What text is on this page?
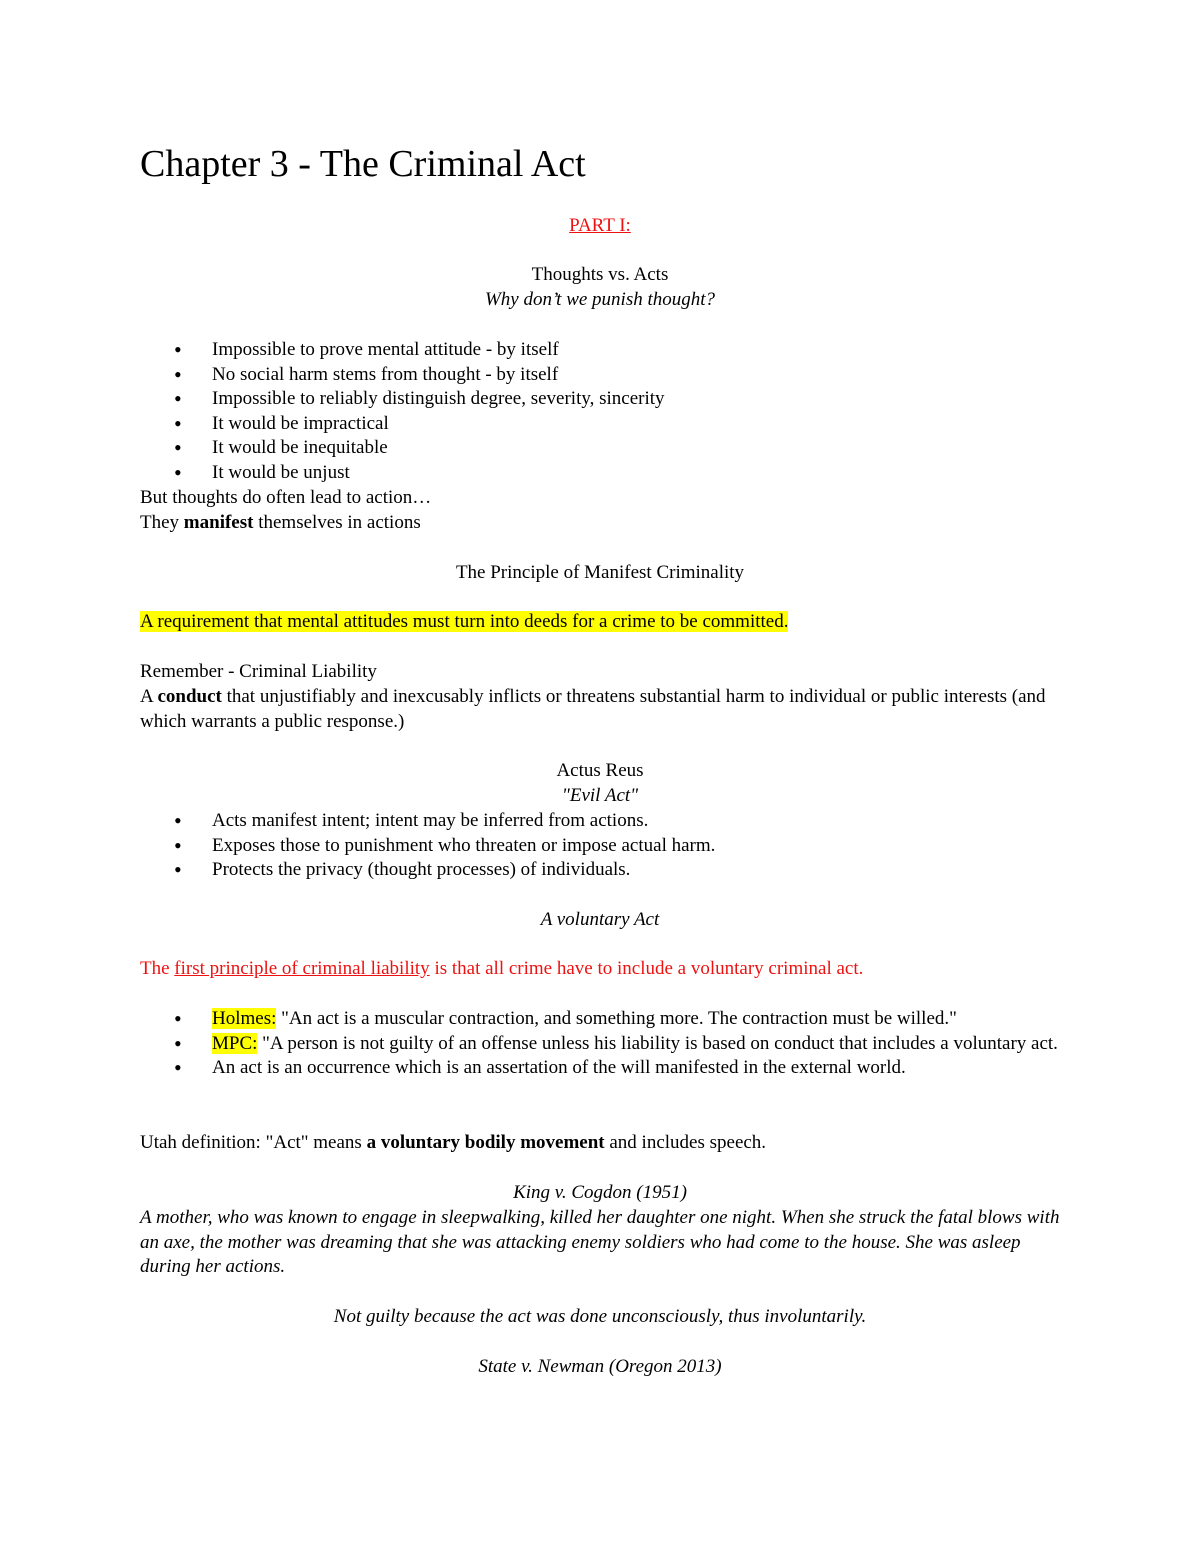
Chapter 3 - The Criminal Act

PART I:

Thoughts vs. Acts

Why don’t we punish thought?

• Impossible to prove mental attitude - by itself
• No social harm stems from thought - by itself
• Impossible to reliably distinguish degree, severity, sincerity
• It would be impractical
• It would be inequitable
• It would be unjust

But thoughts do often lead to action…

They manifest themselves in actions

The Principle of Manifest Criminality

A requirement that mental attitudes must turn into deeds for a crime to be committed.

Remember - Criminal Liability

A conduct that unjustifiably and inexcusably inflicts or threatens substantial harm to individual or public interests (and which warrants a public response.)

Actus Reus

"Evil Act"

• Acts manifest intent; intent may be inferred from actions.
• Exposes those to punishment who threaten or impose actual harm.
• Protects the privacy (thought processes) of individuals.

A voluntary Act

The first principle of criminal liability is that all crime have to include a voluntary criminal act.

• Holmes: "An act is a muscular contraction, and something more. The contraction must be willed."
• MPC: "A person is not guilty of an offense unless his liability is based on conduct that includes a voluntary act.
• An act is an occurrence which is an assertation of the will manifested in the external world.

Utah definition: "Act" means a voluntary bodily movement and includes speech.

King v. Cogdon (1951)

A mother, who was known to engage in sleepwalking, killed her daughter one night. When she struck the fatal blows with an axe, the mother was dreaming that she was attacking enemy soldiers who had come to the house. She was asleep during her actions.

Not guilty because the act was done unconsciously, thus involuntarily.

State v. Newman (Oregon 2013)
